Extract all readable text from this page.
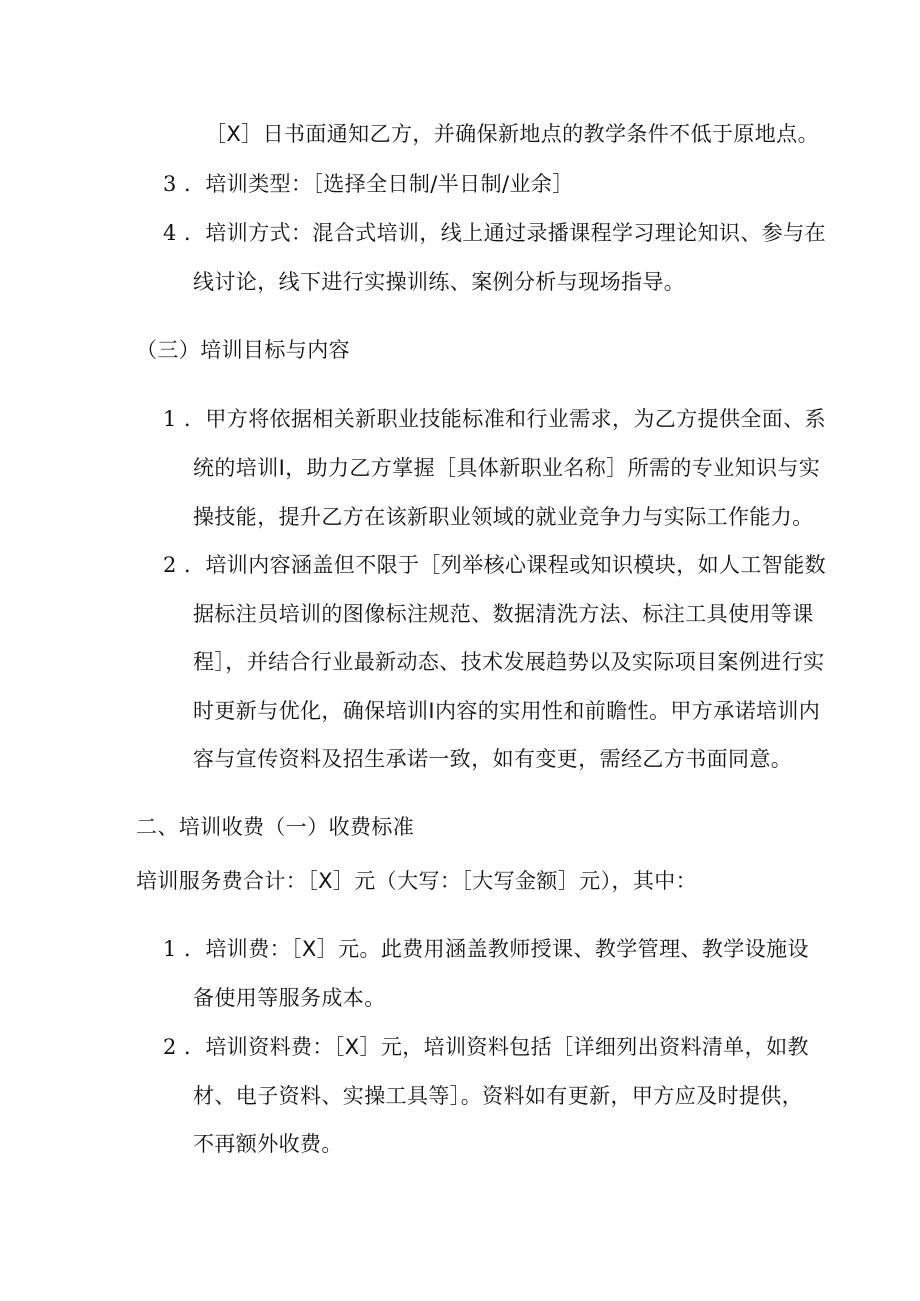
［X］日书面通知乙方，并确保新地点的教学条件不低于原地点。
3 ．培训类型：［选择全日制/半日制/业余］
4 ．培训方式：混合式培训，线上通过录播课程学习理论知识、参与在
线讨论，线下进行实操训练、案例分析与现场指导。
（三）培训目标与内容
1 ．甲方将依据相关新职业技能标准和行业需求，为乙方提供全面、系
统的培训I，助力乙方掌握［具体新职业名称］所需的专业知识与实
操技能，提升乙方在该新职业领域的就业竞争力与实际工作能力。
2 ．培训内容涵盖但不限于［列举核心课程或知识模块，如人工智能数
据标注员培训的图像标注规范、数据清洗方法、标注工具使用等课
程］，并结合行业最新动态、技术发展趋势以及实际项目案例进行实
时更新与优化，确保培训I内容的实用性和前瞻性。甲方承诺培训内
容与宣传资料及招生承诺一致，如有变更，需经乙方书面同意。
二、培训收费（一）收费标准
培训服务费合计：［X］元（大写：［大写金额］元），其中：
1 ．培训费：［X］元。此费用涵盖教师授课、教学管理、教学设施设
备使用等服务成本。
2 ．培训资料费：［X］元，培训资料包括［详细列出资料清单，如教
材、电子资料、实操工具等］。资料如有更新，甲方应及时提供，
不再额外收费。
